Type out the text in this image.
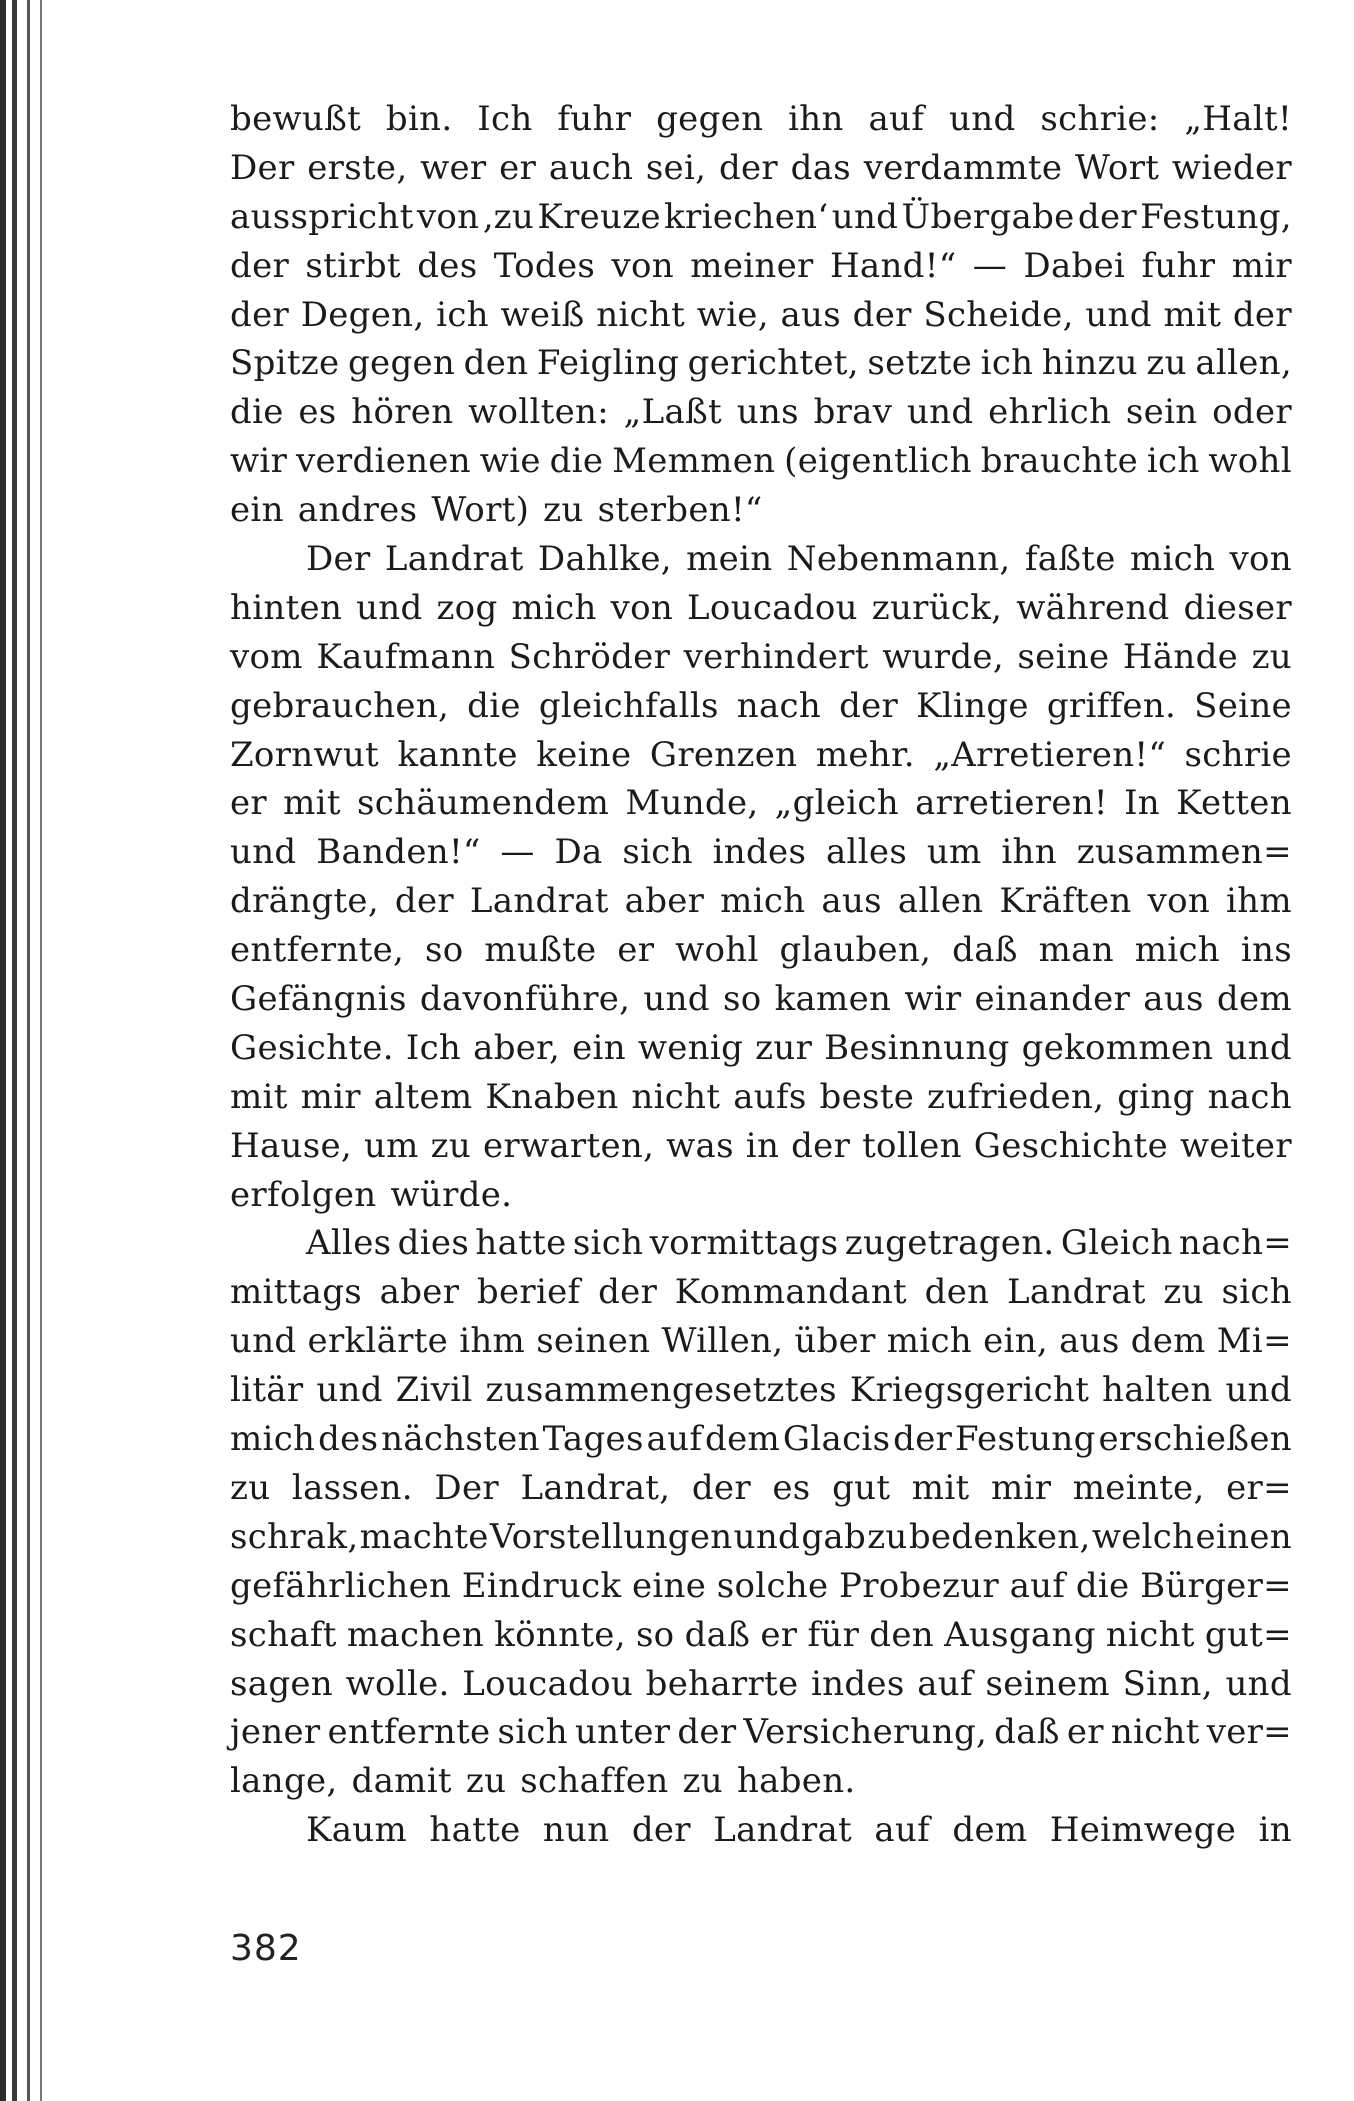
bewußt bin. Ich fuhr gegen ihn auf und schrie: „Halt!
Der erste, wer er auch sei, der das verdammte Wort wieder
ausspricht von ‚zu Kreuze kriechen‘ und Übergabe der Festung,
der stirbt des Todes von meiner Hand!“ — Dabei fuhr mir
der Degen, ich weiß nicht wie, aus der Scheide, und mit der
Spitze gegen den Feigling gerichtet, setzte ich hinzu zu allen,
die es hören wollten: „Laßt uns brav und ehrlich sein oder
wir verdienen wie die Memmen (eigentlich brauchte ich wohl
ein andres Wort) zu sterben!“
Der Landrat Dahlke, mein Nebenmann, faßte mich von
hinten und zog mich von Loucadou zurück, während dieser
vom Kaufmann Schröder verhindert wurde, seine Hände zu
gebrauchen, die gleichfalls nach der Klinge griffen. Seine
Zornwut kannte keine Grenzen mehr. „Arretieren!“ schrie
er mit schäumendem Munde, „gleich arretieren! In Ketten
und Banden!“ — Da sich indes alles um ihn zusammen=
drängte, der Landrat aber mich aus allen Kräften von ihm
entfernte, so mußte er wohl glauben, daß man mich ins
Gefängnis davonführe, und so kamen wir einander aus dem
Gesichte. Ich aber, ein wenig zur Besinnung gekommen und
mit mir altem Knaben nicht aufs beste zufrieden, ging nach
Hause, um zu erwarten, was in der tollen Geschichte weiter
erfolgen würde.
Alles dies hatte sich vormittags zugetragen. Gleich nach=
mittags aber berief der Kommandant den Landrat zu sich
und erklärte ihm seinen Willen, über mich ein, aus dem Mi=
litär und Zivil zusammengesetztes Kriegsgericht halten und
mich des nächsten Tages auf dem Glacis der Festung erschießen
zu lassen. Der Landrat, der es gut mit mir meinte, er=
schrak, machte Vorstellungen und gab zu bedenken, welch einen
gefährlichen Eindruck eine solche Probezur auf die Bürger=
schaft machen könnte, so daß er für den Ausgang nicht gut=
sagen wolle. Loucadou beharrte indes auf seinem Sinn, und
jener entfernte sich unter der Versicherung, daß er nicht ver=
lange, damit zu schaffen zu haben.
Kaum hatte nun der Landrat auf dem Heimwege in
382
